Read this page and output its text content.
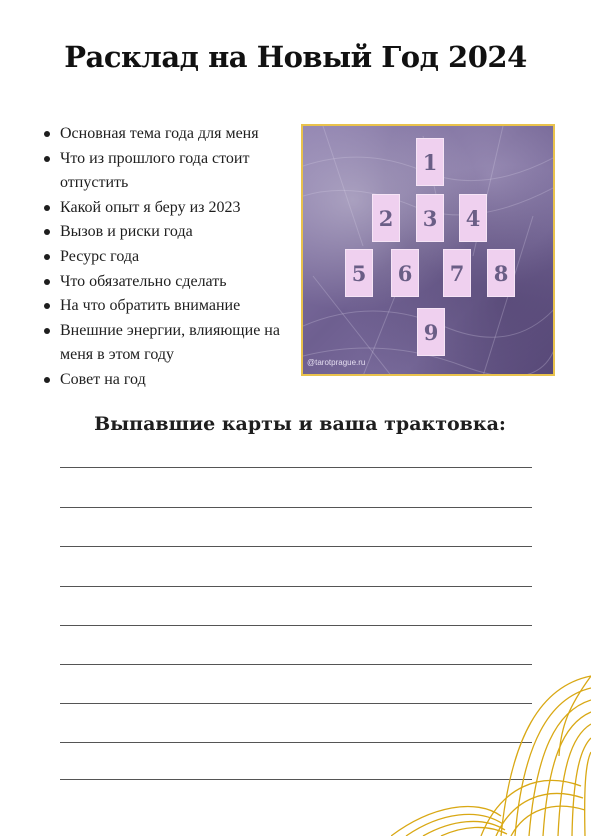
Расклад на Новый Год 2024
Основная тема года для меня
Что из прошлого года стоит отпустить
Какой опыт я беру из 2023
Вызов и риски года
Ресурс года
Что обязательно сделать
На что обратить внимание
Внешние энергии, влияющие на меня в этом году
Совет на год
1
2	3	4
5	6	7	8
9
@tarotprague.ru
Выпавшие карты и ваша трактовка:
